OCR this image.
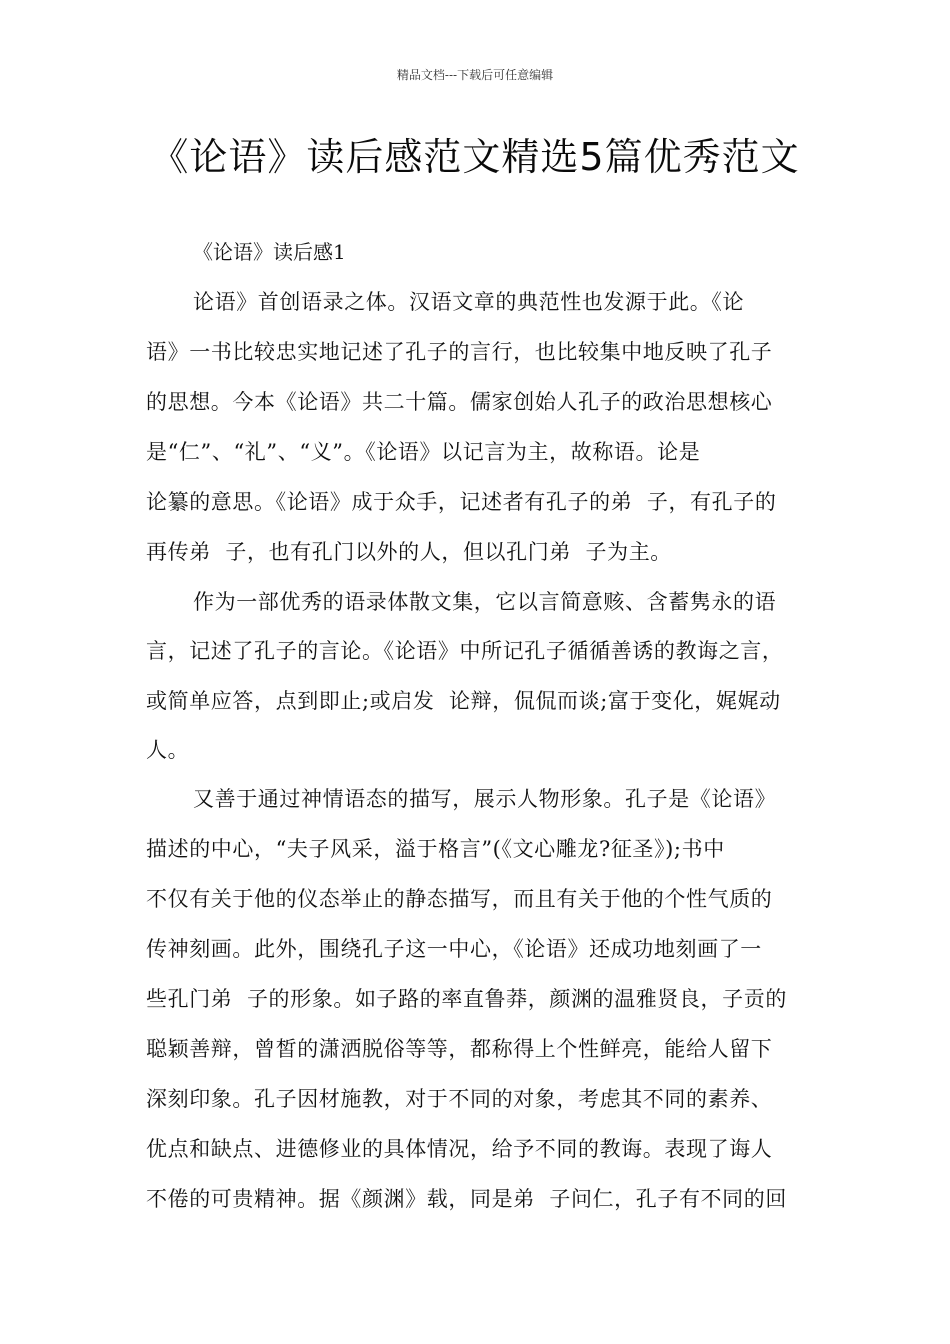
精品文档---下载后可任意编辑
《论语》读后感范文精选5篇优秀范文
《论语》读后感1
论语》首创语录之体。汉语文章的典范性也发源于此。《论
语》一书比较忠实地记述了孔子的言行，也比较集中地反映了孔子
的思想。今本《论语》共二十篇。儒家创始人孔子的政治思想核心
是“仁”、“礼”、“义”。《论语》以记言为主，故称语。论是
论纂的意思。《论语》成于众手，记述者有孔子的弟  子，有孔子的
再传弟  子，也有孔门以外的人，但以孔门弟  子为主。
作为一部优秀的语录体散文集，它以言简意赅、含蓄隽永的语
言，记述了孔子的言论。《论语》中所记孔子循循善诱的教诲之言，
或简单应答，点到即止;或启发  论辩，侃侃而谈;富于变化，娓娓动
人。
又善于通过神情语态的描写，展示人物形象。孔子是《论语》
描述的中心，“夫子风采，溢于格言”(《文心雕龙?征圣》);书中
不仅有关于他的仪态举止的静态描写，而且有关于他的个性气质的
传神刻画。此外，围绕孔子这一中心，《论语》还成功地刻画了一
些孔门弟  子的形象。如子路的率直鲁莽，颜渊的温雅贤良，子贡的
聪颖善辩，曾皙的潇洒脱俗等等，都称得上个性鲜亮，能给人留下
深刻印象。孔子因材施教，对于不同的对象，考虑其不同的素养、
优点和缺点、进德修业的具体情况，给予不同的教诲。表现了诲人
不倦的可贵精神。据《颜渊》载，同是弟  子问仁，孔子有不同的回
